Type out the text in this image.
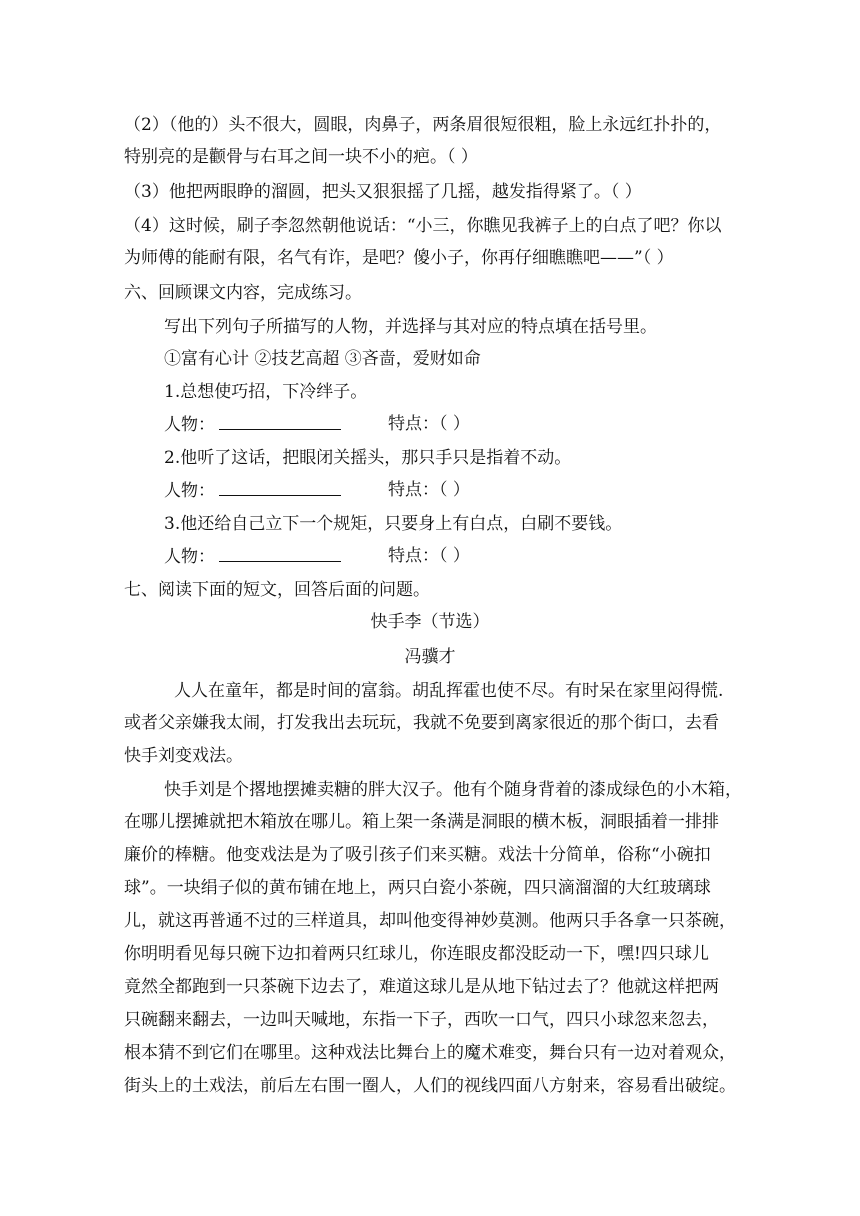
（2）（他的）头不很大，圆眼，肉鼻子，两条眉很短很粗，脸上永远红扑扑的，
特别亮的是颧骨与右耳之间一块不小的疤。（ ）
（3）他把两眼睁的溜圆，把头又狠狠摇了几摇，越发指得紧了。（ ）
（4）这时候，刷子李忽然朝他说话：“小三，你瞧见我裤子上的白点了吧？你以
为师傅的能耐有限，名气有诈，是吧？傻小子，你再仔细瞧瞧吧——”（ ）
六、回顾课文内容，完成练习。
写出下列句子所描写的人物，并选择与其对应的特点填在括号里。
①富有心计 ②技艺高超 ③吝啬，爱财如命
1.总想使巧招，下冷绊子。
人物：	特点：（ ）
2.他听了这话，把眼闭关摇头，那只手只是指着不动。
人物：	特点：（ ）
3.他还给自己立下一个规矩，只要身上有白点，白刷不要钱。
人物：	特点：（ ）
七、阅读下面的短文，回答后面的问题。
快手李（节选）
冯骥才
人人在童年，都是时间的富翁。胡乱挥霍也使不尽。有时呆在家里闷得慌.
或者父亲嫌我太闹，打发我出去玩玩，我就不免要到离家很近的那个街口，去看
快手刘变戏法。
快手刘是个撂地摆摊卖糖的胖大汉子。他有个随身背着的漆成绿色的小木箱，
在哪儿摆摊就把木箱放在哪儿。箱上架一条满是洞眼的横木板，洞眼插着一排排
廉价的棒糖。他变戏法是为了吸引孩子们来买糖。戏法十分简单，俗称“小碗扣
球”。一块绢子似的黄布铺在地上，两只白瓷小茶碗，四只滴溜溜的大红玻璃球
儿，就这再普通不过的三样道具，却叫他变得神妙莫测。他两只手各拿一只茶碗，
你明明看见每只碗下边扣着两只红球儿，你连眼皮都没眨动一下，嘿!四只球儿
竟然全都跑到一只茶碗下边去了，难道这球儿是从地下钻过去了？他就这样把两
只碗翻来翻去，一边叫天喊地，东指一下子，西吹一口气，四只小球忽来忽去，
根本猜不到它们在哪里。这种戏法比舞台上的魔术难变，舞台只有一边对着观众，
街头上的土戏法，前后左右围一圈人，人们的视线四面八方射来，容易看出破绽。
